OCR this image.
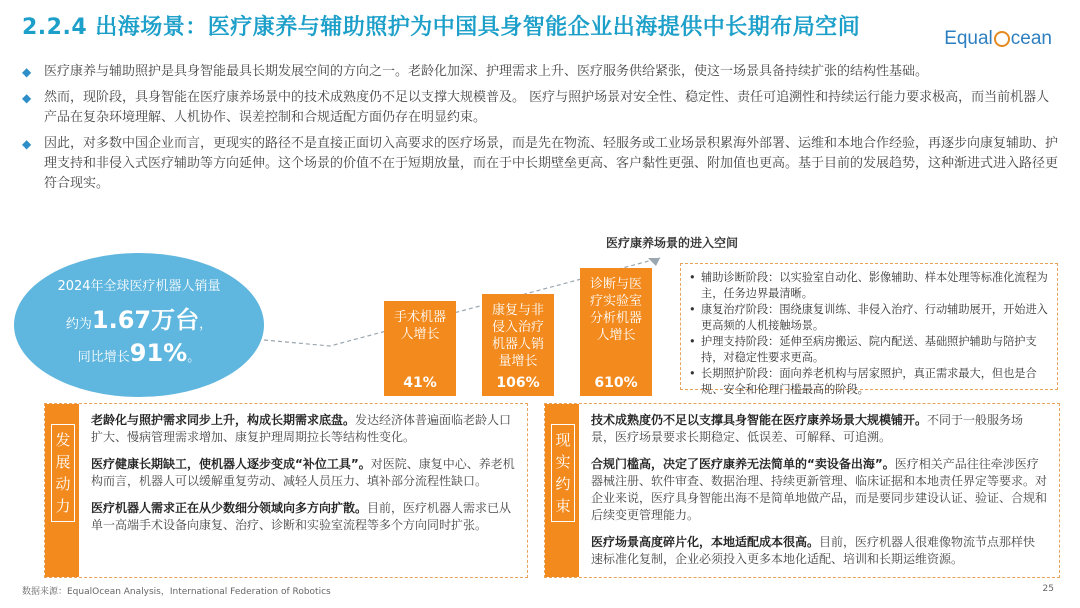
2.2.4 出海场景：医疗康养与辅助照护为中国具身智能企业出海提供中长期布局空间	Equal cean
◆ 医疗康养与辅助照护是具身智能最具长期发展空间的方向之一。老龄化加深、护理需求上升、医疗服务供给紧张，使这一场景具备持续扩张的结构性基础。
◆ 然而，现阶段，具身智能在医疗康养场景中的技术成熟度仍不足以支撑大规模普及。 医疗与照护场景对安全性、稳定性、责任可追溯性和持续运行能力要求极高，而当前机器人产品在复杂环境理解、人机协作、误差控制和合规适配方面仍存在明显约束。
◆ 因此，对多数中国企业而言，更现实的路径不是直接正面切入高要求的医疗场景，而是先在物流、轻服务或工业场景积累海外部署、运维和本地合作经验，再逐步向康复辅助、护理支持和非侵入式医疗辅助等方向延伸。这个场景的价值不在于短期放量，而在于中长期壁垒更高、客户黏性更强、附加值也更高。基于目前的发展趋势，这种渐进式进入路径更符合现实。
2024年全球医疗机器人销量
约为1.67万台，
同比增长91%。
医疗康养场景的进入空间
手术机器人增长
41%
康复与非侵入治疗机器人销量增长
106%
诊断与医疗实验室分析机器人增长
610%
• 辅助诊断阶段：以实验室自动化、影像辅助、样本处理等标准化流程为主，任务边界最清晰。
• 康复治疗阶段：围绕康复训练、非侵入治疗、行动辅助展开，开始进入更高频的人机接触场景。
• 护理支持阶段：延伸至病房搬运、院内配送、基础照护辅助与陪护支持，对稳定性要求更高。
• 长期照护阶段：面向养老机构与居家照护，真正需求最大，但也是合规、安全和伦理门槛最高的阶段。
发
展
动
力
老龄化与照护需求同步上升，构成长期需求底盘。发达经济体普遍面临老龄人口扩大、慢病管理需求增加、康复护理周期拉长等结构性变化。
医疗健康长期缺工，使机器人逐步变成“补位工具”。对医院、康复中心、养老机构而言，机器人可以缓解重复劳动、减轻人员压力、填补部分流程性缺口。
医疗机器人需求正在从少数细分领域向多方向扩散。目前，医疗机器人需求已从单一高端手术设备向康复、治疗、诊断和实验室流程等多个方向同时扩张。
现
实
约
束
技术成熟度仍不足以支撑具身智能在医疗康养场景大规模铺开。不同于一般服务场景，医疗场景要求长期稳定、低误差、可解释、可追溯。
合规门槛高，决定了医疗康养无法简单的“卖设备出海”。医疗相关产品往往牵涉医疗器械注册、软件审查、数据治理、持续更新管理、临床证据和本地责任界定等要求。对企业来说，医疗具身智能出海不是简单地做产品，而是要同步建设认证、验证、合规和后续变更管理能力。
医疗场景高度碎片化，本地适配成本很高。目前，医疗机器人很难像物流节点那样快速标准化复制，企业必须投入更多本地化适配、培训和长期运维资源。
数据来源：EqualOcean Analysis，International Federation of Robotics	25
